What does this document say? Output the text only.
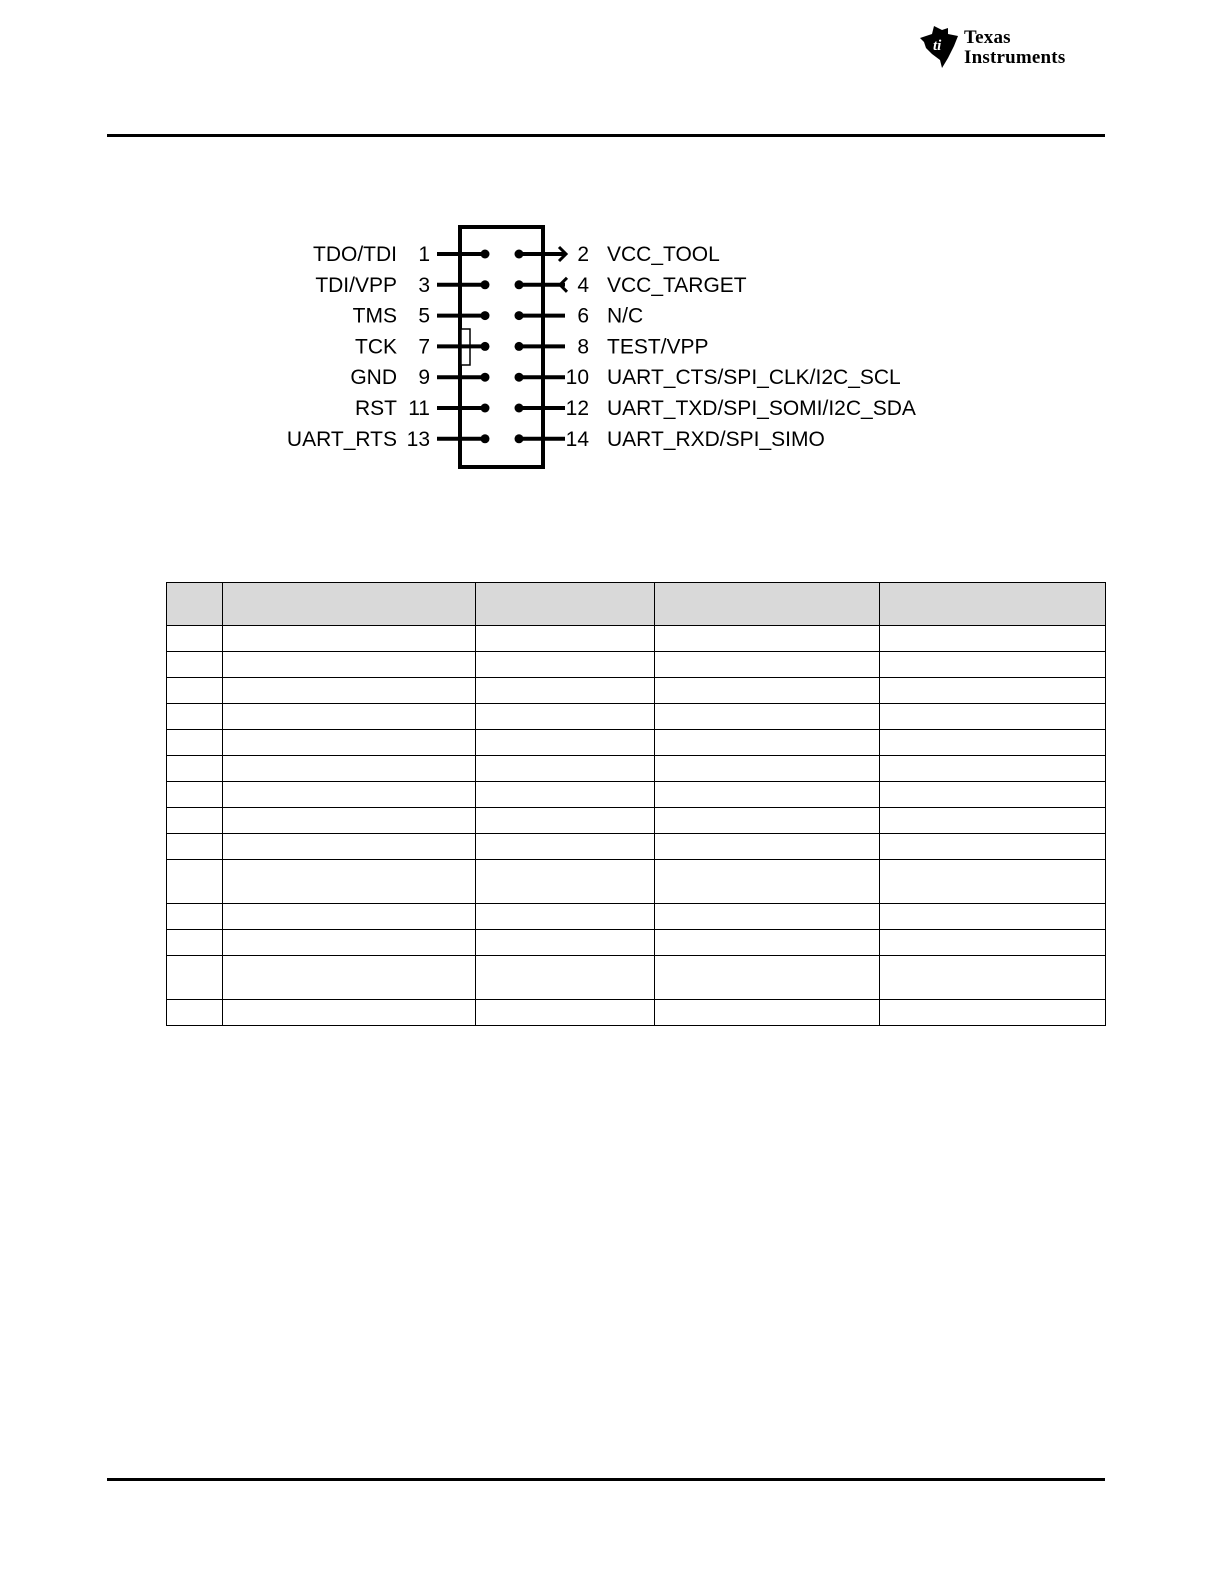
ti Texas
Instruments
TDO/TDI 1
TDI/VPP 3
TMS 5
TCK 7
GND 9
RST 11
UART_RTS 13
2 VCC_TOOL
4 VCC_TARGET
6 N/C
8 TEST/VPP
10 UART_CTS/SPI_CLK/I2C_SCL
12 UART_TXD/SPI_SOMI/I2C_SDA
14 UART_RXD/SPI_SIMO
